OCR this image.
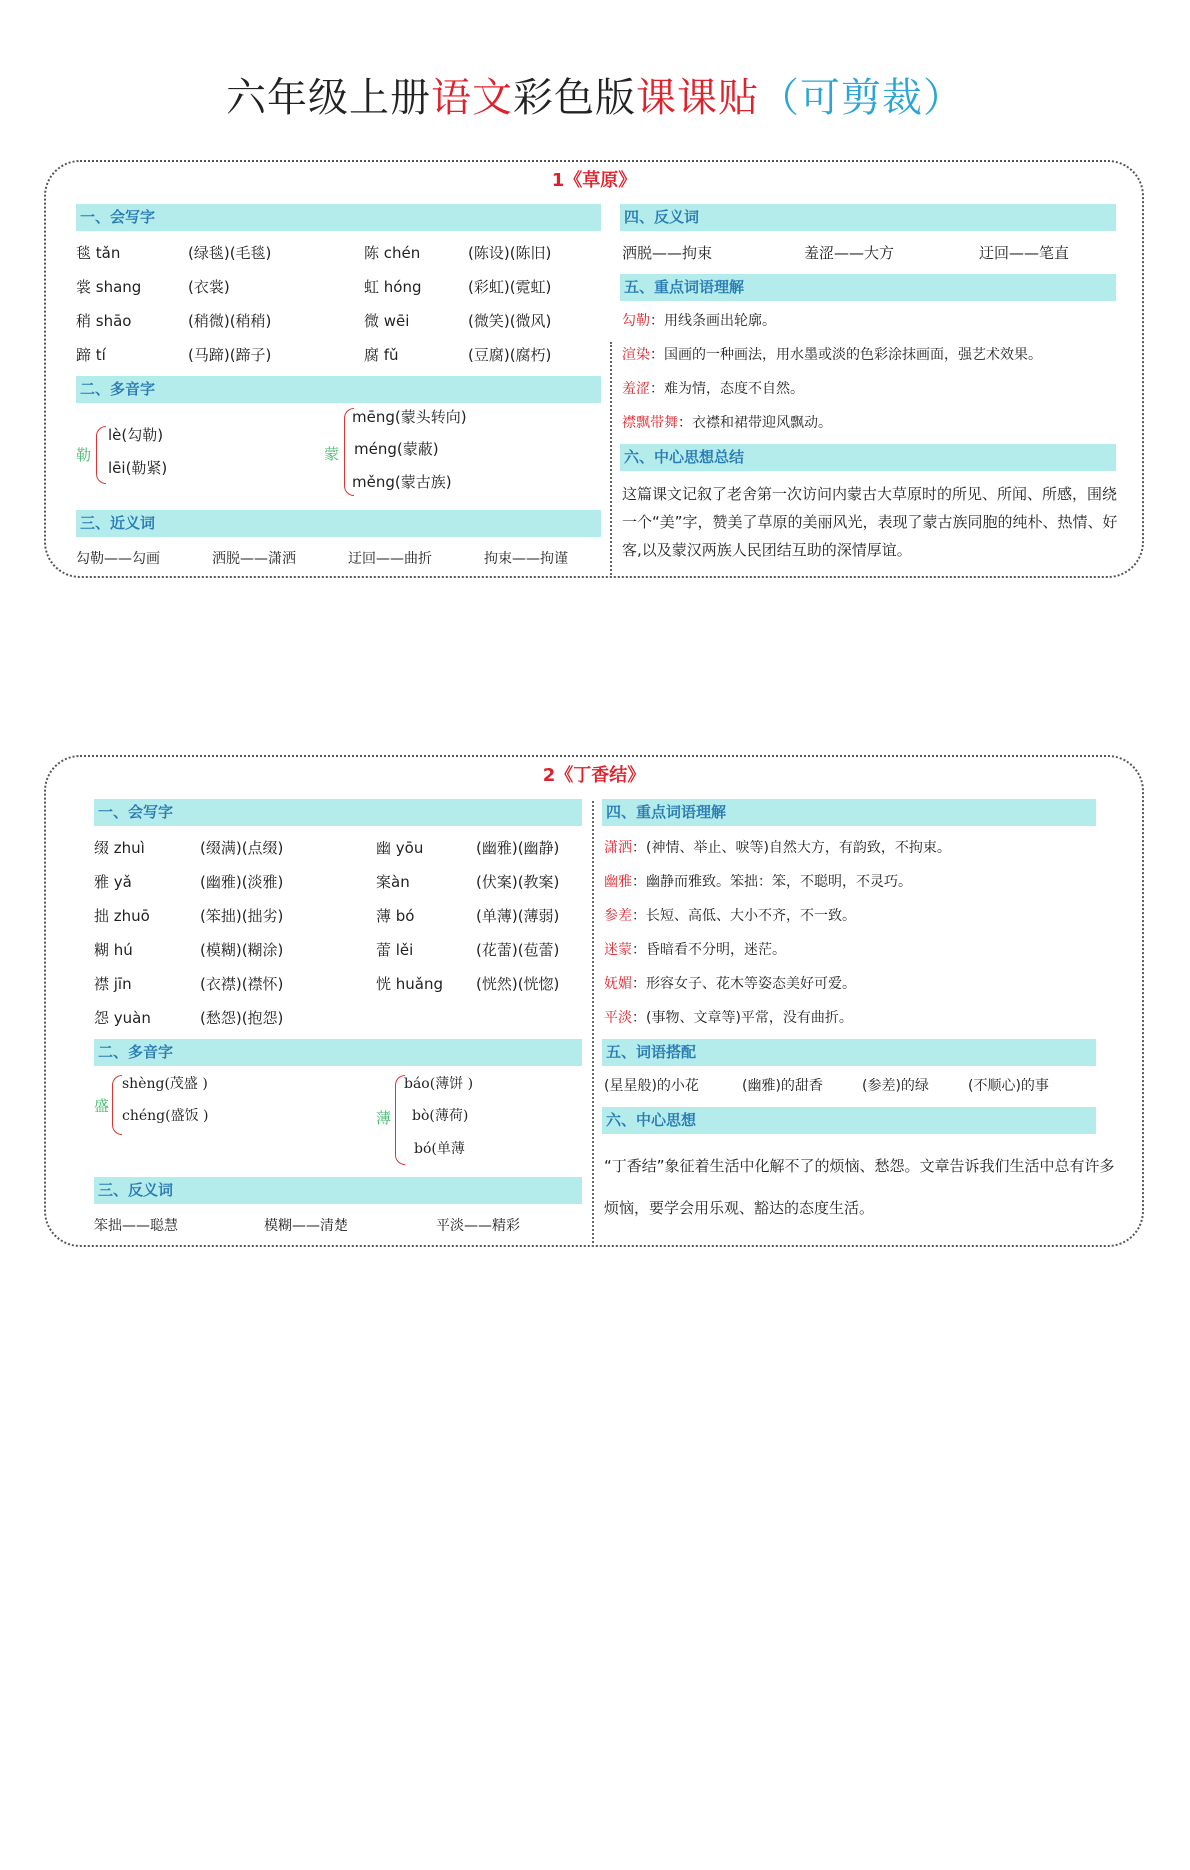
六年级上册语文彩色版课课贴（可剪裁）
1《草原》
一、会写字
毯 tǎn	(绿毯)(毛毯)	陈 chén	(陈设)(陈旧)
裳 shang	(衣裳)	虹 hóng	(彩虹)(霓虹)
稍 shāo	(稍微)(稍稍)	微 wēi	(微笑)(微风)
蹄 tí	(马蹄)(蹄子)	腐 fǔ	(豆腐)(腐朽)
二、多音字
勒
lè(勾勒)
lēi(勒紧)
蒙
mēng(蒙头转向)
méng(蒙蔽)
měng(蒙古族)
三、近义词
勾勒——勾画	洒脱——潇洒	迂回——曲折	拘束——拘谨
四、反义词
洒脱——拘束	羞涩——大方	迂回——笔直
五、重点词语理解
勾勒：用线条画出轮廓。
渲染：国画的一种画法，用水墨或淡的色彩涂抹画面，强艺术效果。
羞涩：难为情，态度不自然。
襟飘带舞：衣襟和裙带迎风飘动。
六、中心思想总结
这篇课文记叙了老舍第一次访问内蒙古大草原时的所见、所闻、所感，围绕一个“美”字，赞美了草原的美丽风光，表现了蒙古族同胞的纯朴、热情、好客,以及蒙汉两族人民团结互助的深情厚谊。
2《丁香结》
一、会写字
缀 zhuì	(缀满)(点缀)	幽 yōu	(幽雅)(幽静)
雅 yǎ	(幽雅)(淡雅)	案àn	(伏案)(教案)
拙 zhuō	(笨拙)(拙劣)	薄 bó	(单薄)(薄弱)
糊 hú	(模糊)(糊涂)	蕾 lěi	(花蕾)(苞蕾)
襟 jīn	(衣襟)(襟怀)	恍 huǎng (恍然)(恍惚)
怨 yuàn	(愁怨)(抱怨)
二、多音字
盛
shèng(茂盛 )
chéng(盛饭 )	薄
báo(薄饼 )
bò(薄荷)
bó(单薄
三、反义词
笨拙——聪慧	模糊——清楚	平淡——精彩
四、重点词语理解
潇洒：(神情、举止、唳等)自然大方，有韵致，不拘束。
幽雅：幽静而雅致。笨拙：笨，不聪明，不灵巧。
参差：长短、高低、大小不齐，不一致。
迷蒙：昏暗看不分明，迷茫。
妩媚：形容女子、花木等姿态美好可爱。
平淡：(事物、文章等)平常，没有曲折。
五、词语搭配
(星星般)的小花	(幽雅)的甜香	(参差)的绿	(不顺心)的事
六、中心思想
“丁香结”象征着生活中化解不了的烦恼、愁怨。文章告诉我们生活中总有许多烦恼，要学会用乐观、豁达的态度生活。
